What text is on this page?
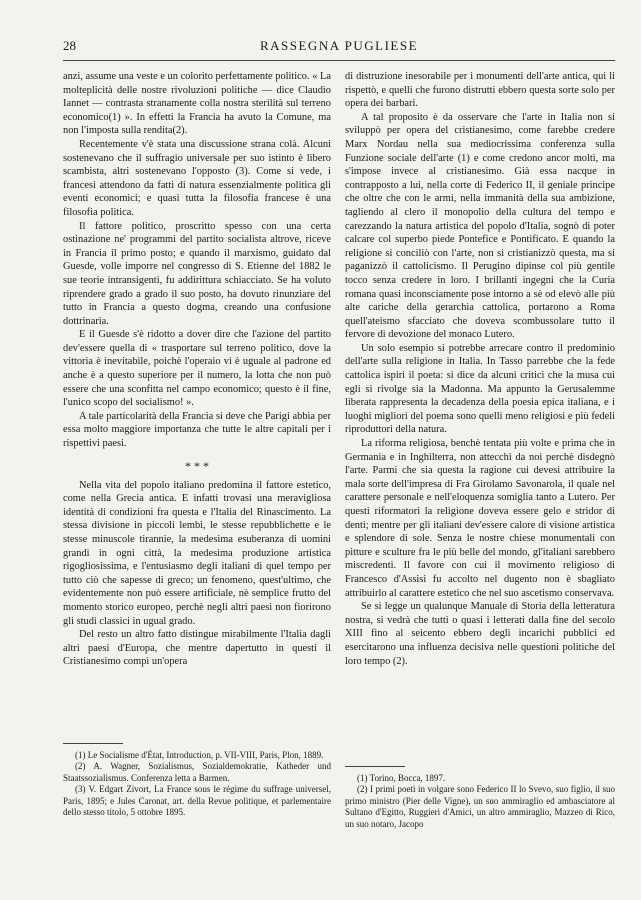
28	RASSEGNA PUGLIESE

anzi, assume una veste e un colorito perfettamente politico. « La molteplicità delle nostre rivoluzioni politiche — dice Claudio Iannet — contrasta stranamente colla nostra sterilità sul terreno economico(1) ». In effetti la Francia ha avuto la Comune, ma non l'imposta sulla rendita(2).

Recentemente v'è stata una discussione strana colà. Alcuni sostenevano che il suffragio universale per suo istinto è libero scambista, altri sostenevano l'opposto (3). Come si vede, i francesi attendono da fatti di natura essenzialmente politica gli eventi economici; e quasi tutta la filosofia francese è una filosofia politica.

Il fattore politico, proscritto spesso con una certa ostinazione ne' programmi del partito socialista altrove, riceve in Francia il primo posto; e quando il marxismo, guidato dal Guesde, volle imporre nel congresso di S. Etienne del 1882 le sue teorie intransigenti, fu addirittura schiacciato. Se ha voluto riprendere grado a grado il suo posto, ha dovuto rinunziare del tutto in Francia a questo dogma, creando una confusione dottrinaria.

E il Guesde s'è ridotto a dover dire che l'azione del partito dev'essere quella di « trasportare sul terreno politico, dove la vittoria è inevitabile, poichè l'operaio vi è uguale al padrone ed anche è a questo superiore per il numero, la lotta che non può essere che una sconfitta nel campo economico; questo è il fine, l'unico scopo del socialismo! ».

A tale particolarità della Francia si deve che Parigi abbia per essa molto maggiore importanza che tutte le altre capitali per i rispettivi paesi.

* * *

Nella vita del popolo italiano predomina il fattore estetico, come nella Grecia antica. E infatti trovasi una meravigliosa identità di condizioni fra questa e l'Italia del Rinascimento. La stessa divisione in piccoli lembi, le stesse repubblichette e le stesse minuscole tirannie, la medesima esuberanza di uomini grandi in ogni città, la medesima produzione artistica rigogliosissima, e l'entusiasmo degli italiani di quel tempo per tutto ciò che sapesse di greco; un fenomeno, quest'ultimo, che evidentemente non può essere artificiale, nè semplice frutto del momento storico europeo, perchè negli altri paesi non fiorirono gli studi classici in ugual grado.

Del resto un altro fatto distingue mirabilmente l'Italia dagli altri paesi d'Europa, che mentre dapertutto in questi il Cristianesimo compì un'opera

di distruzione inesorabile per i monumenti dell'arte antica, qui li rispettò, e quelli che furono distrutti ebbero questa sorte solo per opera dei barbari.

A tal proposito è da osservare che l'arte in Italia non si sviluppò per opera del cristianesimo, come farebbe credere Marx Nordau nella sua mediocrissima conferenza sulla Funzione sociale dell'arte (1) e come credono ancor molti, ma s'impose invece al cristianesimo. Già essa nacque in contrapposto a lui, nella corte di Federico II, il geniale principe che oltre che con le armi, nella immanità della sua ambizione, tagliendo al clero il monopolio della cultura del tempo e carezzando la natura artistica del popolo d'Italia, sognò di poter calcare col superbo piede Pontefice e Pontificato. E quando la religione si conciliò con l'arte, non si cristianizzò questa, ma si paganizzò il cattolicismo. Il Perugino dipinse col più gentile tocco senza credere in loro. I brillanti ingegni che la Curia romana quasi inconsciamente pose intorno a sè od elevò alle più alte cariche della gerarchia cattolica, portarono a Roma quell'ateismo sfacciato che doveva scombussolare tutto il fervore di devozione del monaco Lutero.

Un solo esempio si potrebbe arrecare contro il predominio dell'arte sulla religione in Italia. In Tasso parrebbe che la fede cattolica ispiri il poeta: si dice da alcuni critici che la musa cui egli si rivolge sia la Madonna. Ma appunto la Gerusalemme liberata rappresenta la decadenza della poesia epica italiana, e i luoghi migliori del poema sono quelli meno religiosi e più fedeli riproduttori della natura.

La riforma religiosa, benchè tentata più volte e prima che in Germania e in Inghilterra, non attecchì da noi perchè disdegnò l'arte. Parmi che sia questa la ragione cui devesi attribuire la mala sorte dell'impresa di Fra Girolamo Savonarola, il quale nel carattere personale e nell'eloquenza somiglia tanto a Lutero. Per questi riformatori la religione doveva essere gelo e stridor di denti; mentre per gli italiani dev'essere calore di visione artistica e splendore di sole. Senza le nostre chiese monumentali con pitture e sculture fra le più belle del mondo, gl'italiani sarebbero miscredenti. Il favore con cui il movimento religioso di Francesco d'Assisi fu accolto nel dugento non è sbagliato attribuirlo al carattere estetico che nel suo ascetismo conservava.

Se si legge un qualunque Manuale di Storia della letteratura nostra, si vedrà che tutti o quasi i letterati dalla fine del secolo XIII fino al seicento ebbero degli incarichi pubblici ed esercitarono una influenza decisiva nelle questioni politiche del loro tempo (2).

(1) Le Socialisme d'État, Introduction, p. VII-VIII, Paris, Plon, 1889.

(2) A. Wagner, Sozialismus, Sozialdemokratie, Katheder und Staatssozialismus. Conferenza letta a Barmen.

(3) V. Edgart Zivort, La France sous le régime du suffrage universel, Paris, 1895; e Jules Caronat, art. della Revue politique, et parlementaire dello stesso titolo, 5 ottobre 1895.

(1) Torino, Bocca, 1897.

(2) I primi poeti in volgare sono Federico II lo Svevo, suo figlio, il suo primo ministro (Pier delle Vigne), un suo ammiraglio ed ambasciatore al Sultano d'Egitto, Ruggieri d'Amici, un altro ammiraglio, Mazzeo di Rico, un suo notaro, Jacopo
